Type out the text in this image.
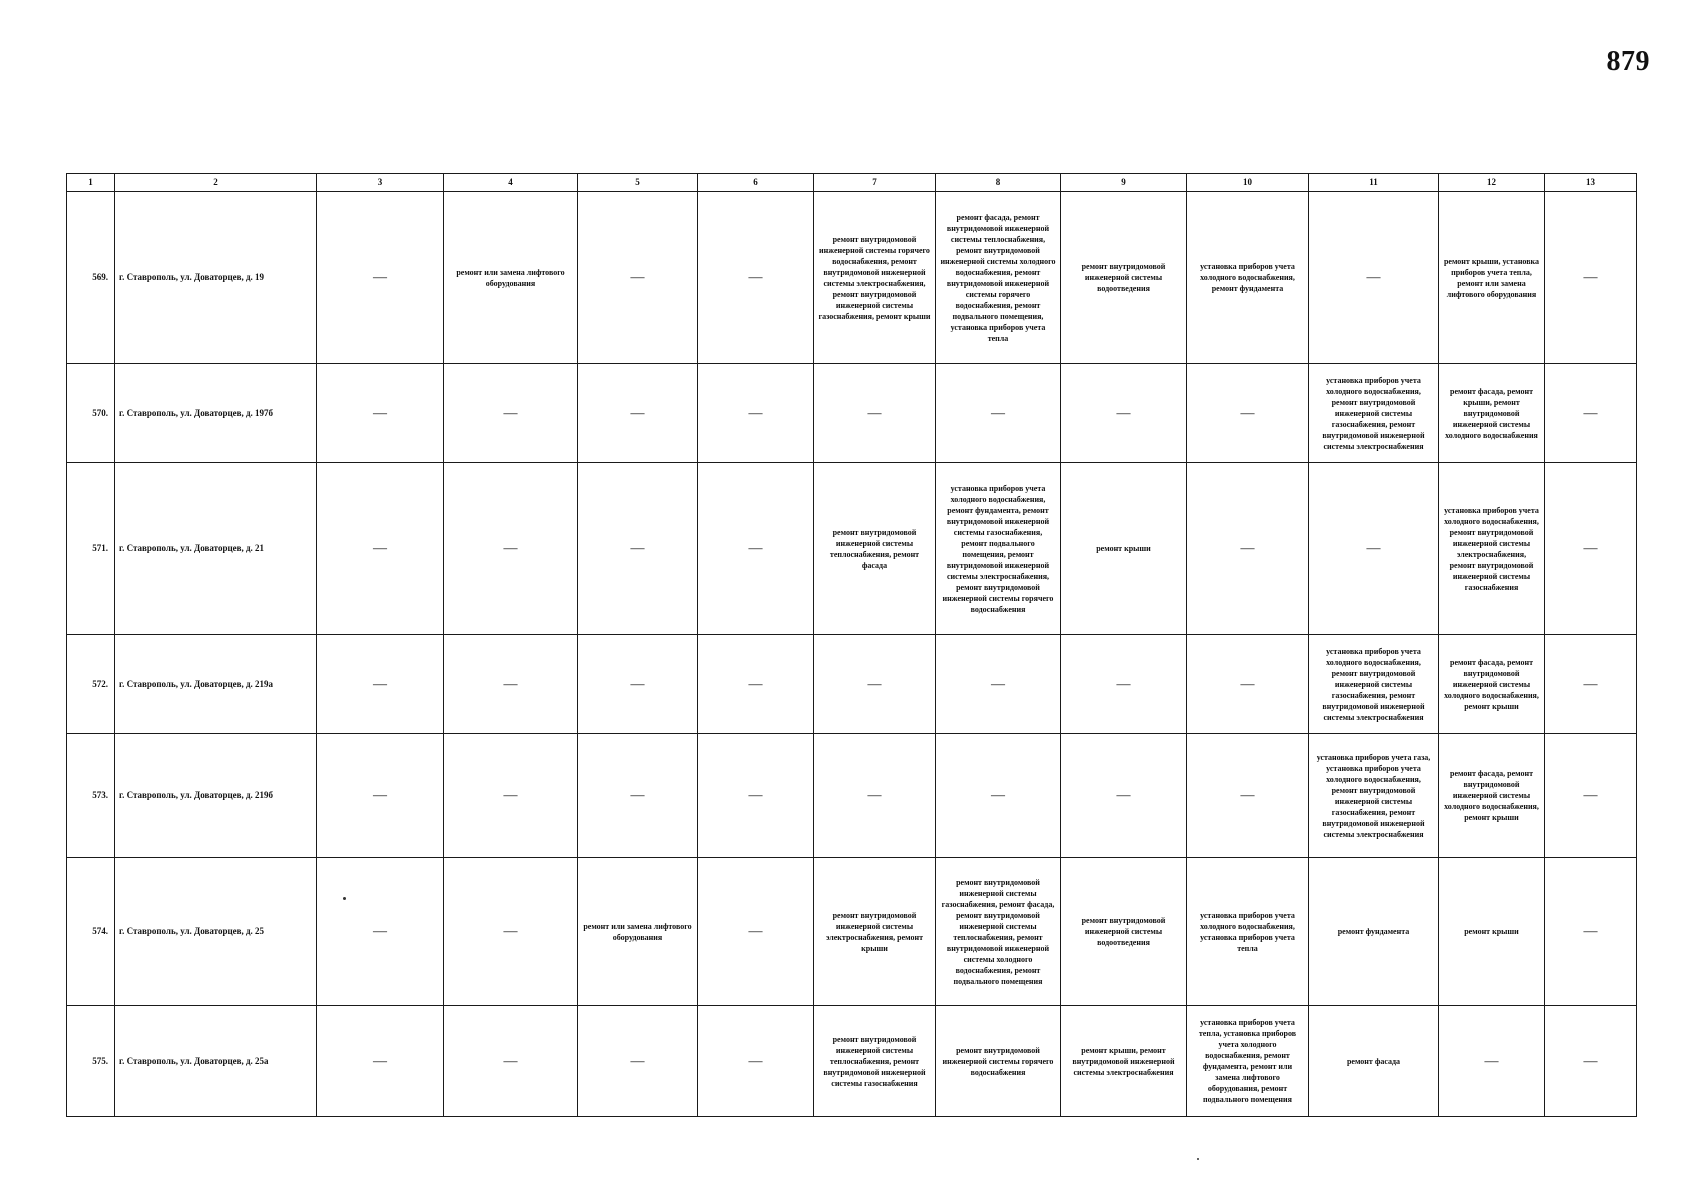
879
1	2	3	4	5	6	7	8	9	10	11	12	13
569.	г. Ставрополь, ул. Доваторцев, д. 19	—	ремонт или замена лифтового оборудования	—	—	ремонт внутридомовой инженерной системы горячего водоснабжения, ремонт внутридомовой инженерной системы электроснабжения, ремонт внутридомовой инженерной системы газоснабжения, ремонт крыши	ремонт фасада, ремонт внутридомовой инженерной системы теплоснабжения, ремонт внутридомовой инженерной системы холодного водоснабжения, ремонт внутридомовой инженерной системы горячего водоснабжения, ремонт подвального помещения, установка приборов учета тепла	ремонт внутридомовой инженерной системы водоотведения	установка приборов учета холодного водоснабжения, ремонт фундамента	—	ремонт крыши, установка приборов учета тепла, ремонт или замена лифтового оборудования	—
570.	г. Ставрополь, ул. Доваторцев, д. 197б	—	—	—	—	—	—	—	—	установка приборов учета холодного водоснабжения, ремонт внутридомовой инженерной системы газоснабжения, ремонт внутридомовой инженерной системы электроснабжения	ремонт фасада, ремонт крыши, ремонт внутридомовой инженерной системы холодного водоснабжения	—
571.	г. Ставрополь, ул. Доваторцев, д. 21	—	—	—	—	ремонт внутридомовой инженерной системы теплоснабжения, ремонт фасада	установка приборов учета холодного водоснабжения, ремонт фундамента, ремонт внутридомовой инженерной системы газоснабжения, ремонт подвального помещения, ремонт внутридомовой инженерной системы электроснабжения, ремонт внутридомовой инженерной системы горячего водоснабжения	ремонт крыши	—	—	установка приборов учета холодного водоснабжения, ремонт внутридомовой инженерной системы электроснабжения, ремонт внутридомовой инженерной системы газоснабжения	—
572.	г. Ставрополь, ул. Доваторцев, д. 219а	—	—	—	—	—	—	—	—	установка приборов учета холодного водоснабжения, ремонт внутридомовой инженерной системы газоснабжения, ремонт внутридомовой инженерной системы электроснабжения	ремонт фасада, ремонт внутридомовой инженерной системы холодного водоснабжения, ремонт крыши	—
573.	г. Ставрополь, ул. Доваторцев, д. 219б	—	—	—	—	—	—	—	—	установка приборов учета газа, установка приборов учета холодного водоснабжения, ремонт внутридомовой инженерной системы газоснабжения, ремонт внутридомовой инженерной системы электроснабжения	ремонт фасада, ремонт внутридомовой инженерной системы холодного водоснабжения, ремонт крыши	—
574.	г. Ставрополь, ул. Доваторцев, д. 25	—	—	ремонт или замена лифтового оборудования	—	ремонт внутридомовой инженерной системы электроснабжения, ремонт крыши	ремонт внутридомовой инженерной системы газоснабжения, ремонт фасада, ремонт внутридомовой инженерной системы теплоснабжения, ремонт внутридомовой инженерной системы холодного водоснабжения, ремонт подвального помещения	ремонт внутридомовой инженерной системы водоотведения	установка приборов учета холодного водоснабжения, установка приборов учета тепла	ремонт фундамента	ремонт крыши	—
575.	г. Ставрополь, ул. Доваторцев, д. 25а	—	—	—	—	ремонт внутридомовой инженерной системы теплоснабжения, ремонт внутридомовой инженерной системы газоснабжения	ремонт внутридомовой инженерной системы горячего водоснабжения	ремонт крыши, ремонт внутридомовой инженерной системы электроснабжения	установка приборов учета тепла, установка приборов учета холодного водоснабжения, ремонт фундамента, ремонт или замена лифтового оборудования, ремонт подвального помещения	ремонт фасада	—	—
